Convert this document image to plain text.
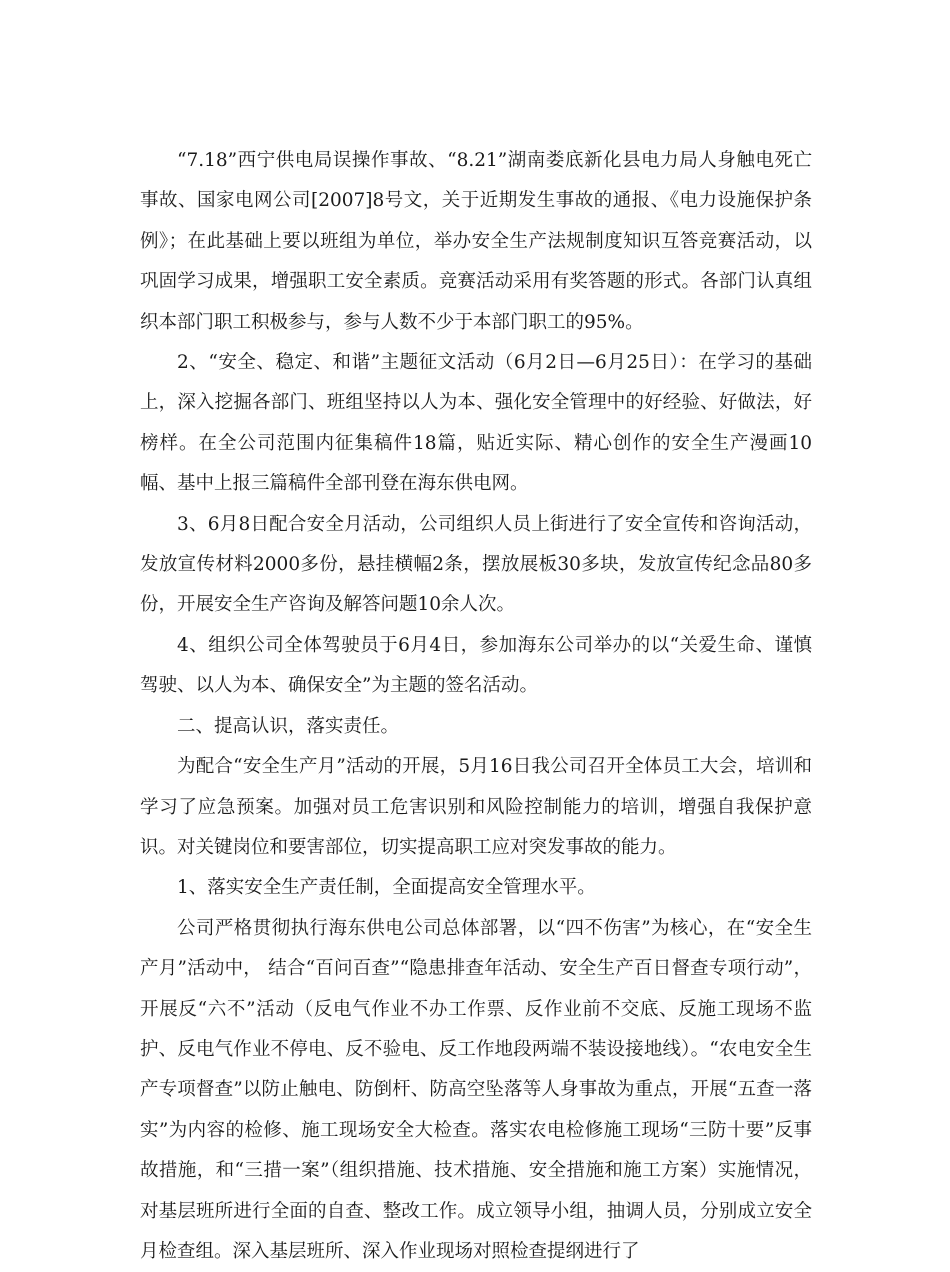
“7.18”西宁供电局误操作事故、“8.21”湖南娄底新化县电力局人身触电死亡事故、国家电网公司[2007]8号文，关于近期发生事故的通报、《电力设施保护条例》；在此基础上要以班组为单位，举办安全生产法规制度知识互答竞赛活动，以巩固学习成果，增强职工安全素质。竞赛活动采用有奖答题的形式。各部门认真组织本部门职工积极参与，参与人数不少于本部门职工的95%。

2、“安全、稳定、和谐”主题征文活动（6月2日—6月25日）：在学习的基础上，深入挖掘各部门、班组坚持以人为本、强化安全管理中的好经验、好做法，好榜样。在全公司范围内征集稿件18篇，贴近实际、精心创作的安全生产漫画10幅、基中上报三篇稿件全部刊登在海东供电网。

3、6月8日配合安全月活动，公司组织人员上街进行了安全宣传和咨询活动，发放宣传材料2000多份，悬挂横幅2条，摆放展板30多块，发放宣传纪念品80多份，开展安全生产咨询及解答问题10余人次。

4、组织公司全体驾驶员于6月4日，参加海东公司举办的以“关爱生命、谨慎驾驶、以人为本、确保安全”为主题的签名活动。

二、提高认识，落实责任。

为配合“安全生产月”活动的开展，5月16日我公司召开全体员工大会，培训和学习了应急预案。加强对员工危害识别和风险控制能力的培训，增强自我保护意识。对关键岗位和要害部位，切实提高职工应对突发事故的能力。

1、落实安全生产责任制，全面提高安全管理水平。

公司严格贯彻执行海东供电公司总体部署，以“四不伤害”为核心，在“安全生产月”活动中， 结合“百问百查”“隐患排查年活动、安全生产百日督查专项行动”，开展反“六不”活动（反电气作业不办工作票、反作业前不交底、反施工现场不监护、反电气作业不停电、反不验电、反工作地段两端不装设接地线）。“农电安全生产专项督查”以防止触电、防倒杆、防高空坠落等人身事故为重点，开展“五查一落实”为内容的检修、施工现场安全大检查。落实农电检修施工现场“三防十要”反事故措施，和“三措一案”（组织措施、技术措施、安全措施和施工方案）实施情况，对基层班所进行全面的自查、整改工作。成立领导小组，抽调人员，分别成立安全月检查组。深入基层班所、深入作业现场对照检查提纲进行了
